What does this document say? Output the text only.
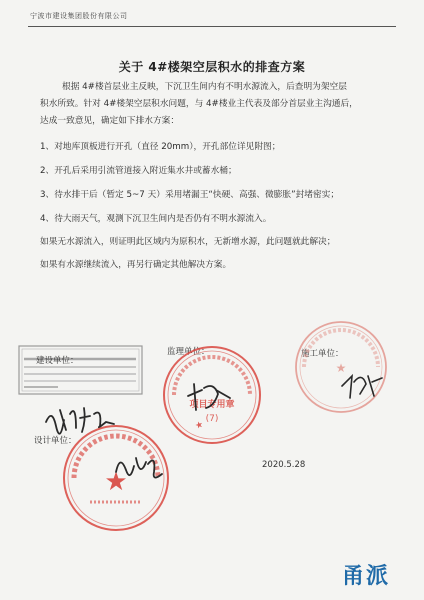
宁波市建设集团股份有限公司
关于 4#楼架空层积水的排查方案
根据 4#楼首层业主反映，下沉卫生间内有不明水源流入，后查明为架空层
积水所致。针对 4#楼架空层积水问题，与 4#楼业主代表及部分首层业主沟通后，
达成一致意见，确定如下排水方案：
1、对地库顶板进行开孔（直径 20mm），开孔部位详见附图；
2、开孔后采用引流管道接入附近集水井或蓄水桶；
3、待水排干后（暂定 5~7 天）采用堵漏王“快硬、高强、微膨胀”封堵密实；
4、待大雨天气，观测下沉卫生间内是否仍有不明水源流入。
如果无水源流入，则证明此区域内为原积水，无新增水源，此问题就此解决；
如果有水源继续流入，再另行确定其他解决方案。
建设单位：
监理单位：
★
项目专用章
(7)
施工单位：
★
设计单位：
★
2020.5.28
甬派
